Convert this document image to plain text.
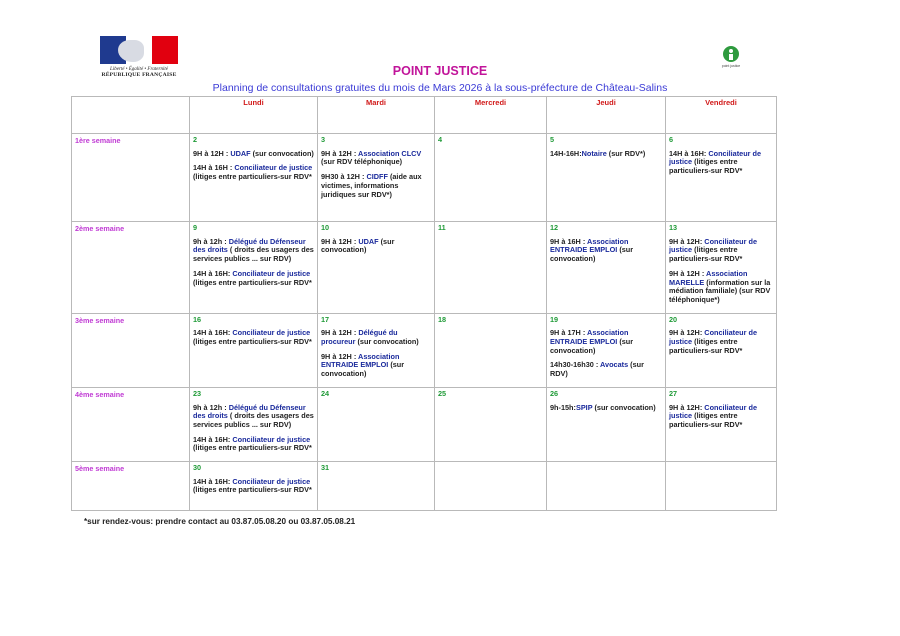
Liberté • Égalité • Fraternité
RÉPUBLIQUE FRANÇAISE
point justice
POINT JUSTICE
Planning de consultations gratuites du mois de Mars 2026 à la sous-préfecture de Château-Salins
	Lundi	Mardi	Mercredi	Jeudi	Vendredi
1ère semaine	2
9H à 12H : UDAF (sur convocation)
14H à 16H : Conciliateur de justice (litiges entre particuliers-sur RDV*	3
9H à 12H : Association CLCV (sur RDV téléphonique)
9H30 à 12H : CIDFF (aide aux victimes, informations juridiques sur RDV*)	4	5
14H-16H:Notaire (sur RDV*)	6
14H à 16H: Conciliateur de justice (litiges entre particuliers-sur RDV*

2ème semaine	9
9h à 12h : Délégué du Défenseur des droits ( droits des usagers des services publics ... sur RDV)
14H à 16H: Conciliateur de justice (litiges entre particuliers-sur RDV*	10
9H à 12H : UDAF (sur convocation)	11	12
9H à 16H : Association ENTRAIDE EMPLOI (sur convocation)	13
9H à 12H: Conciliateur de justice (litiges entre particuliers-sur RDV*
9H à 12H : Association MARELLE (information sur la médiation familiale) (sur RDV téléphonique*)

3ème semaine	16
14H à 16H: Conciliateur de justice (litiges entre particuliers-sur RDV*	17
9H à 12H : Délégué du procureur (sur convocation)
9H à 12H : Association ENTRAIDE EMPLOI (sur convocation)	18	19
9H à 17H : Association ENTRAIDE EMPLOI (sur convocation)
14h30-16h30 : Avocats (sur RDV)	20
9H à 12H: Conciliateur de justice (litiges entre particuliers-sur RDV*

4ème semaine	23
9h à 12h : Délégué du Défenseur des droits ( droits des usagers des services publics ... sur RDV)
14H à 16H: Conciliateur de justice (litiges entre particuliers-sur RDV*	24	25	26
9h-15h:SPIP (sur convocation)	27
9H à 12H: Conciliateur de justice (litiges entre particuliers-sur RDV*

5ème semaine	30
14H à 16H: Conciliateur de justice (litiges entre particuliers-sur RDV*	31			

*sur rendez-vous: prendre contact au 03.87.05.08.20 ou 03.87.05.08.21
